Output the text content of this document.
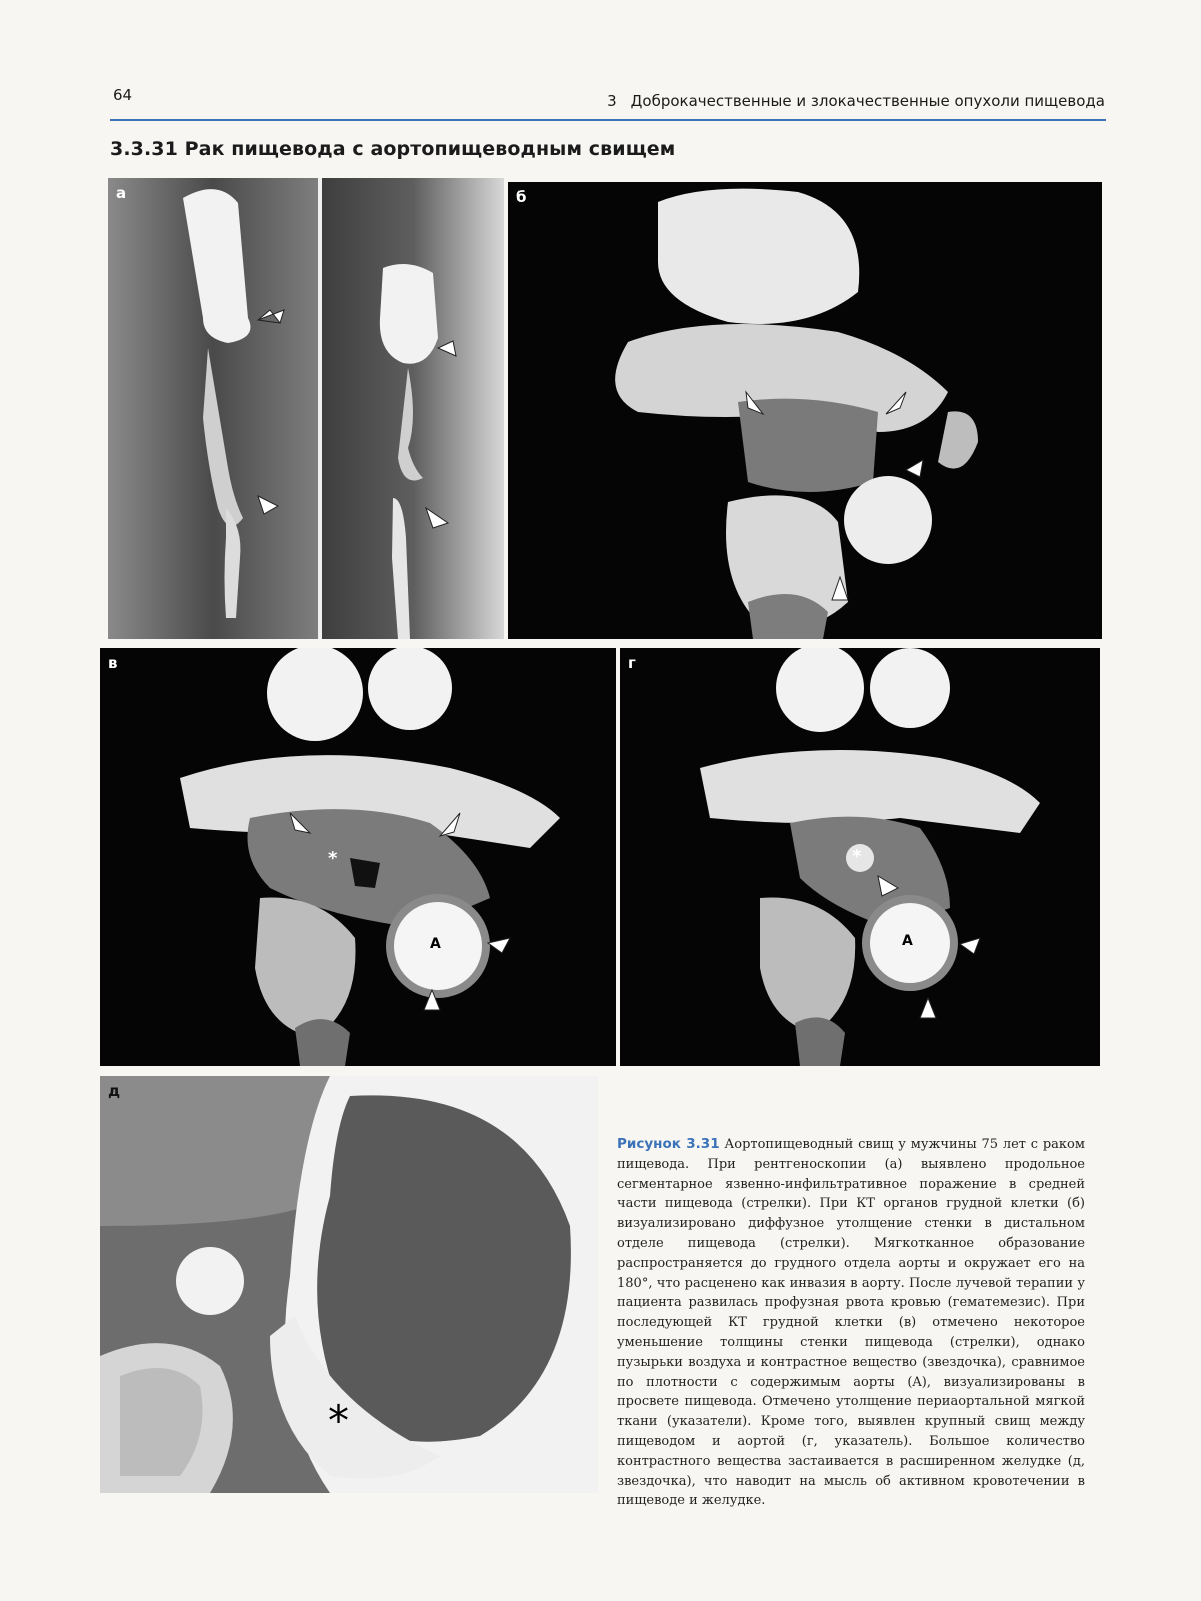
64	3 Доброкачественные и злокачественные опухоли пищевода
3.3.31 Рак пищевода с аортопищеводным свищем
а	б
в
A
*
г
A
*
д
*
Рисунок 3.31 Аортопищеводный свищ у мужчины 75 лет с раком пищевода. При рентгеноскопии (а) выявлено продольное сегментарное язвенно-инфильтративное поражение в средней части пищевода (стрелки). При КТ органов грудной клетки (б) визуализировано диффузное утолщение стенки в дистальном отделе пищевода (стрелки). Мягкотканное образование распространяется до грудного отдела аорты и окружает его на 180°, что расценено как инвазия в аорту. После лучевой терапии у пациента развилась профузная рвота кровью (гематемезис). При последующей КТ грудной клетки (в) отмечено некоторое уменьшение толщины стенки пищевода (стрелки), однако пузырьки воздуха и контрастное вещество (звездочка), сравнимое по плотности с содержимым аорты (A), визуализированы в просвете пищевода. Отмечено утолщение периаортальной мягкой ткани (указатели). Кроме того, выявлен крупный свищ между пищеводом и аортой (г, указатель). Большое количество контрастного вещества застаивается в расширенном желудке (д, звездочка), что наводит на мысль об активном кровотечении в пищеводе и желудке.
